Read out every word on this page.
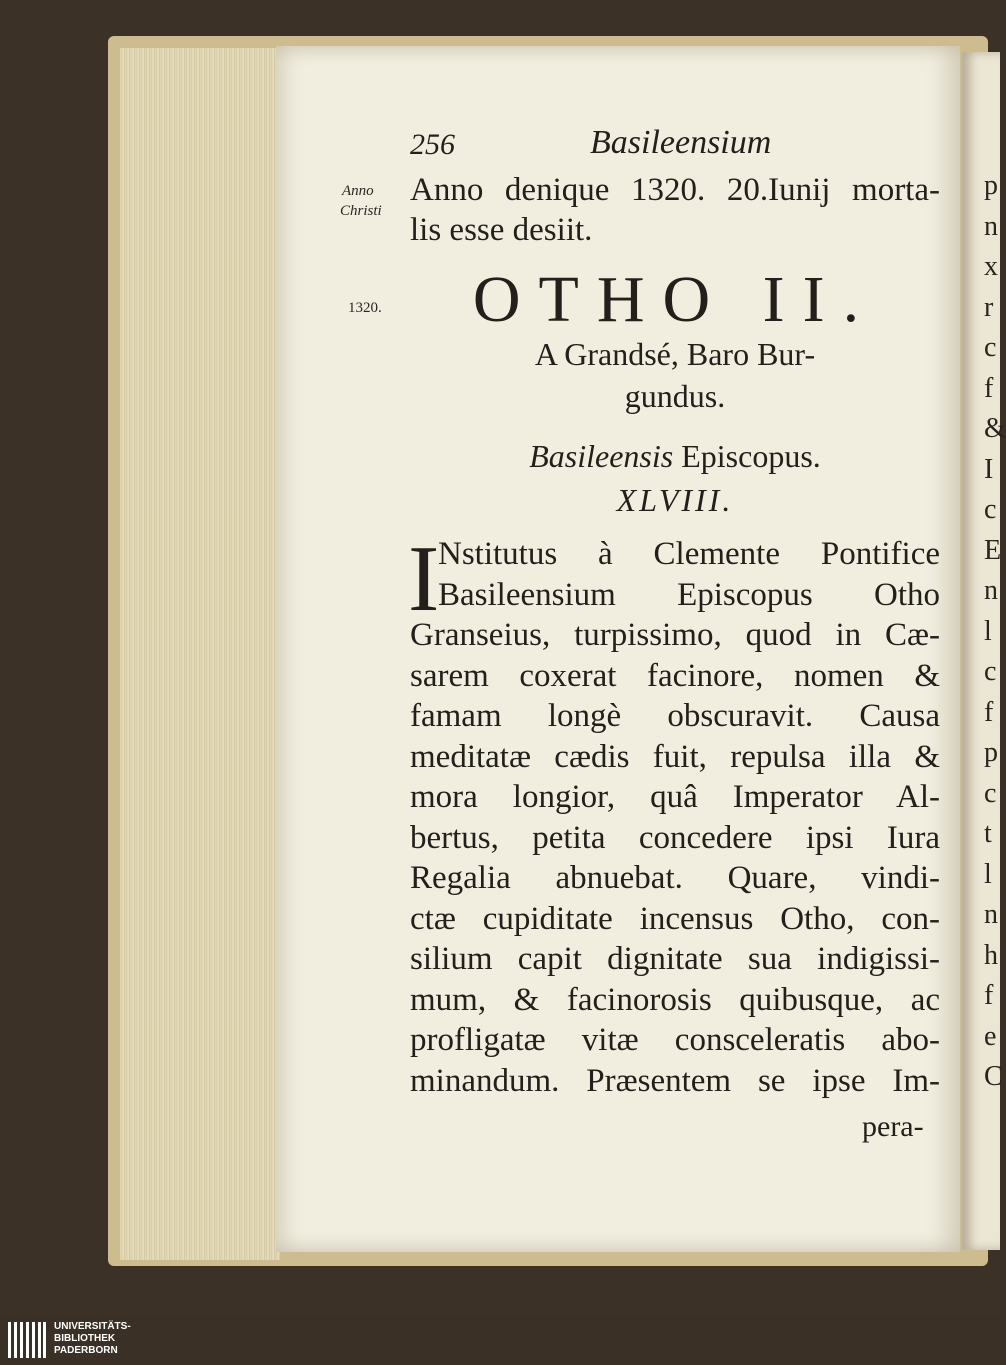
p
n
x
r
c
f
&
I
c
E
n
l
c
f
p
c
t
l
n
h
f
e
C
256	Basileensium
Anno
Christi
1320.
Anno denique 1320. 20.Iunij morta-
lis esse desiit.
OTHO II.
A Grandsé, Baro Bur-
gundus.
Basileensis Episcopus.
XLVIII.
I
Nstitutus à Clemente Pontifice
Basileensium Episcopus Otho
Granseius, turpissimo, quod in Cæ-
sarem coxerat facinore, nomen &
famam longè obscuravit. Causa
meditatæ cædis fuit, repulsa illa &
mora longior, quâ Imperator Al-
bertus, petita concedere ipsi Iura
Regalia abnuebat. Quare, vindi-
ctæ cupiditate incensus Otho, con-
silium capit dignitate sua indigissi-
mum, & facinorosis quibusque, ac
profligatæ vitæ consceleratis abo-
minandum. Præsentem se ipse Im-
pera-
UNIVERSITÄTS-
BIBLIOTHEK
PADERBORN
